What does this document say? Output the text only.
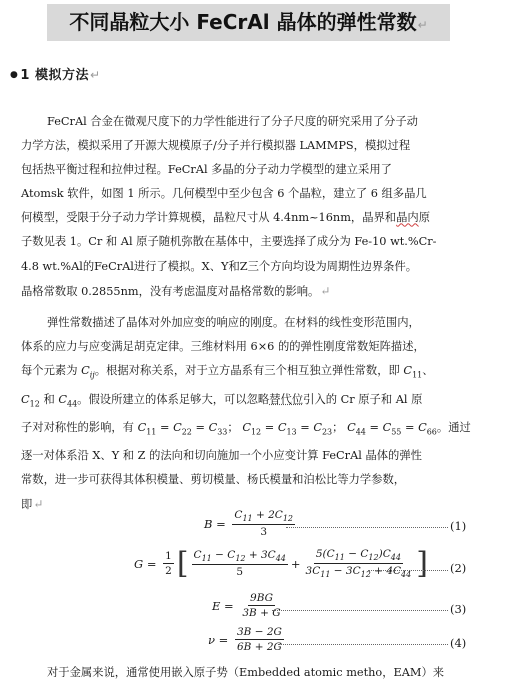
不同晶粒大小 FeCrAl 晶体的弹性常数↵
● 1 模拟方法↵

FeCrAl 合金在微观尺度下的力学性能进行了分子尺度的研究采用了分子动
力学方法，模拟采用了开源大规模原子/分子并行模拟器 LAMMPS，模拟过程
包括热平衡过程和拉伸过程。FeCrAl 多晶的分子动力学模型的建立采用了
Atomsk 软件，如图 1 所示。几何模型中至少包含 6 个晶粒，建立了 6 组多晶几
何模型，受限于分子动力学计算规模，晶粒尺寸从 4.4nm~16nm，晶界和晶内原
子数见表 1。Cr 和 Al 原子随机弥散在基体中，主要选择了成分为 Fe-10 wt.%Cr-
4.8 wt.%Al的FeCrAl进行了模拟。X、Y和Z三个方向均设为周期性边界条件。
晶格常数取 0.2855nm，没有考虑温度对晶格常数的影响。↵

弹性常数描述了晶体对外加应变的响应的刚度。在材料的线性变形范围内，
体系的应力与应变满足胡克定律。三维材料用 6×6 的的弹性刚度常数矩阵描述，
每个元素为 $C_{ij}$。根据对称关系，对于立方晶系有三个相互独立弹性常数，即 $C_{11}$、
$C_{12}$ 和 $C_{44}$。假设所建立的体系足够大，可以忽略替代位引入的 Cr 原子和 Al 原
子对对称性的影响，有 $C_{11} = C_{22} = C_{33}$； $C_{12} = C_{13} = C_{23}$； $C_{44} = C_{55} = C_{66}$。通过
逐一对体系沿 X、Y 和 Z 的法向和切向施加一个小应变计算 FeCrAl 晶体的弹性
常数，进一步可获得其体积模量、剪切模量、杨氏模量和泊松比等力学参数，
即↵

$B = \frac{C_{11} + 2C_{12}}{3}$	(1)
$G = \frac{1}{2}$ [ $\frac{C_{11} - C_{12} + 3C_{44}}{5} + \frac{5(C_{11} - C_{12})C_{44}}{3C_{11} - 3C_{12} + 4C_{44}}$ ] (2)
$E = \frac{9BG}{3B + G}$	(3)
$\nu = \frac{3B - 2G}{6B + 2G}$	(4)
对于金属来说，通常使用嵌入原子势（Embedded atomic metho，EAM）来
